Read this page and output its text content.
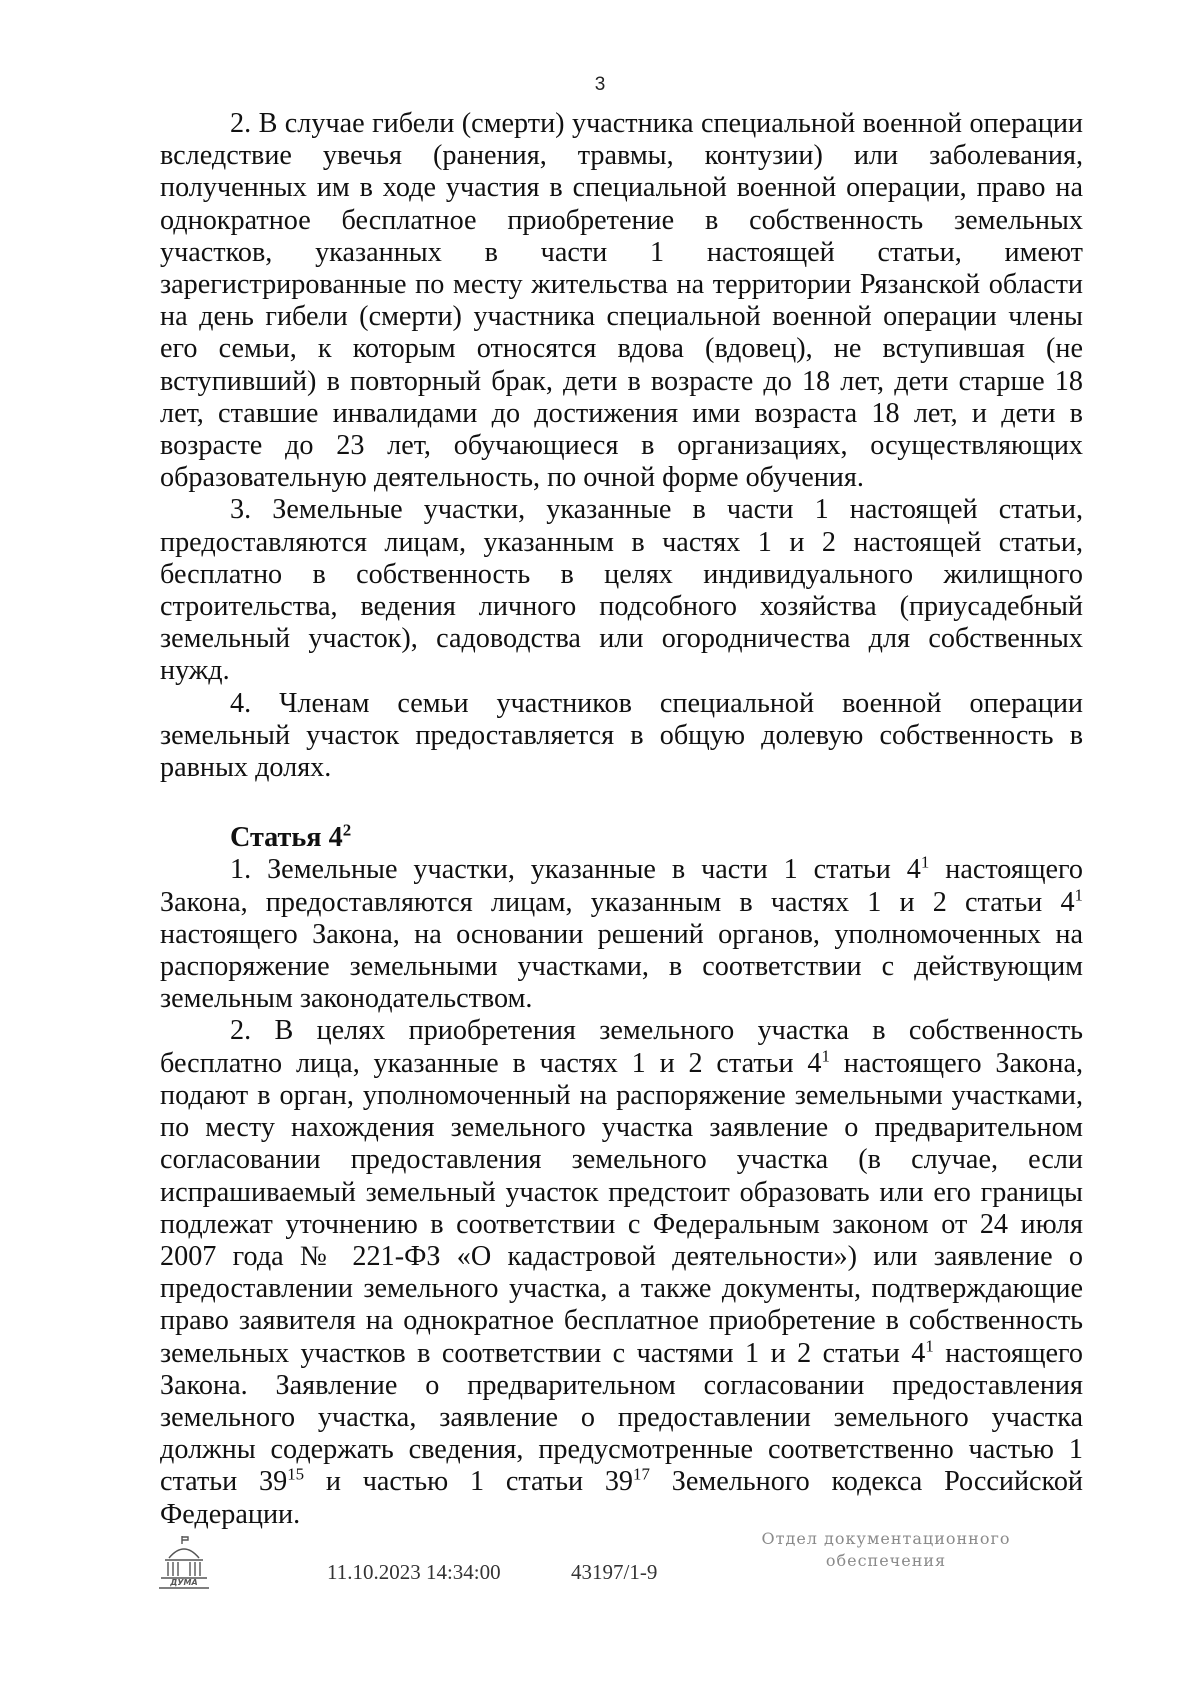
3

2. В случае гибели (смерти) участника специальной военной операции вследствие увечья (ранения, травмы, контузии) или заболевания, полученных им в ходе участия в специальной военной операции, право на однократное бесплатное приобретение в собственность земельных участков, указанных в части 1 настоящей статьи, имеют зарегистрированные по месту жительства на территории Рязанской области на день гибели (смерти) участника специальной военной операции члены его семьи, к которым относятся вдова (вдовец), не вступившая (не вступивший) в повторный брак, дети в возрасте до 18 лет, дети старше 18 лет, ставшие инвалидами до достижения ими возраста 18 лет, и дети в возрасте до 23 лет, обучающиеся в организациях, осуществляющих образовательную деятельность, по очной форме обучения.

3. Земельные участки, указанные в части 1 настоящей статьи, предоставляются лицам, указанным в частях 1 и 2 настоящей статьи, бесплатно в собственность в целях индивидуального жилищного строительства, ведения личного подсобного хозяйства (приусадебный земельный участок), садоводства или огородничества для собственных нужд.

4. Членам семьи участников специальной военной операции земельный участок предоставляется в общую долевую собственность в равных долях.

Статья $4^2$

1. Земельные участки, указанные в части 1 статьи $4^1$ настоящего Закона, предоставляются лицам, указанным в частях 1 и 2 статьи $4^1$ настоящего Закона, на основании решений органов, уполномоченных на распоряжение земельными участками, в соответствии с действующим земельным законодательством.

2. В целях приобретения земельного участка в собственность бесплатно лица, указанные в частях 1 и 2 статьи $4^1$ настоящего Закона, подают в орган, уполномоченный на распоряжение земельными участками, по месту нахождения земельного участка заявление о предварительном согласовании предоставления земельного участка (в случае, если испрашиваемый земельный участок предстоит образовать или его границы подлежат уточнению в соответствии с Федеральным законом от 24 июля 2007 года № 221-ФЗ «О кадастровой деятельности») или заявление о предоставлении земельного участка, а также документы, подтверждающие право заявителя на однократное бесплатное приобретение в собственность земельных участков в соответствии с частями 1 и 2 статьи $4^1$ настоящего Закона. Заявление о предварительном согласовании предоставления земельного участка, заявление о предоставлении земельного участка должны содержать сведения, предусмотренные соответственно частью 1 статьи $39^{15}$ и частью 1 статьи $39^{17}$ Земельного кодекса Российской Федерации.

ДУМА	11.10.2023 14:34:00	43197/1-9
Отдел документационного
обеспечения
